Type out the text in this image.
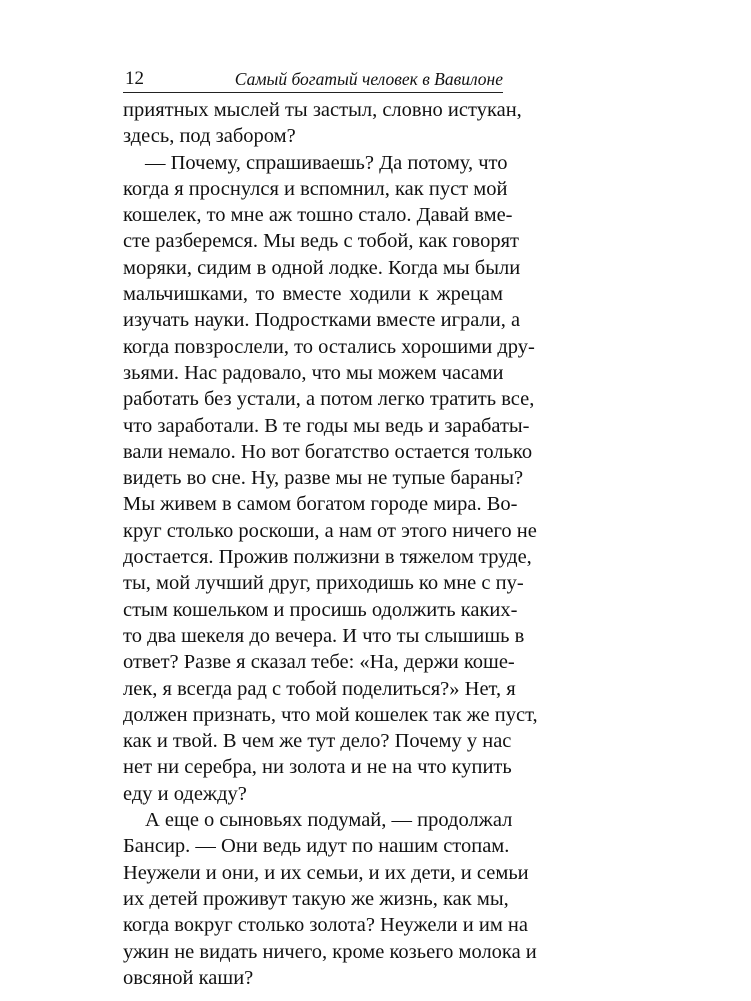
12	Самый богатый человек в Вавилоне
приятных мыслей ты застыл, словно истукан,
здесь, под забором?
— Почему, спрашиваешь? Да потому, что
когда я проснулся и вспомнил, как пуст мой
кошелек, то мне аж тошно стало. Давай вме-
сте разберемся. Мы ведь с тобой, как говорят
моряки, сидим в одной лодке. Когда мы были
мальчишками, то вместе ходили к жрецам
изучать науки. Подростками вместе играли, а
когда повзрослели, то остались хорошими дру-
зьями. Нас радовало, что мы можем часами
работать без устали, а потом легко тратить все,
что заработали. В те годы мы ведь и зарабаты-
вали немало. Но вот богатство остается только
видеть во сне. Ну, разве мы не тупые бараны?
Мы живем в самом богатом городе мира. Во-
круг столько роскоши, а нам от этого ничего не
достается. Прожив полжизни в тяжелом труде,
ты, мой лучший друг, приходишь ко мне с пу-
стым кошельком и просишь одолжить каких-
то два шекеля до вечера. И что ты слышишь в
ответ? Разве я сказал тебе: «На, держи коше-
лек, я всегда рад с тобой поделиться?» Нет, я
должен признать, что мой кошелек так же пуст,
как и твой. В чем же тут дело? Почему у нас
нет ни серебра, ни золота и не на что купить
еду и одежду?
А еще о сыновьях подумай, — продолжал
Бансир. — Они ведь идут по нашим стопам.
Неужели и они, и их семьи, и их дети, и семьи
их детей проживут такую же жизнь, как мы,
когда вокруг столько золота? Неужели и им на
ужин не видать ничего, кроме козьего молока и
овсяной каши?
